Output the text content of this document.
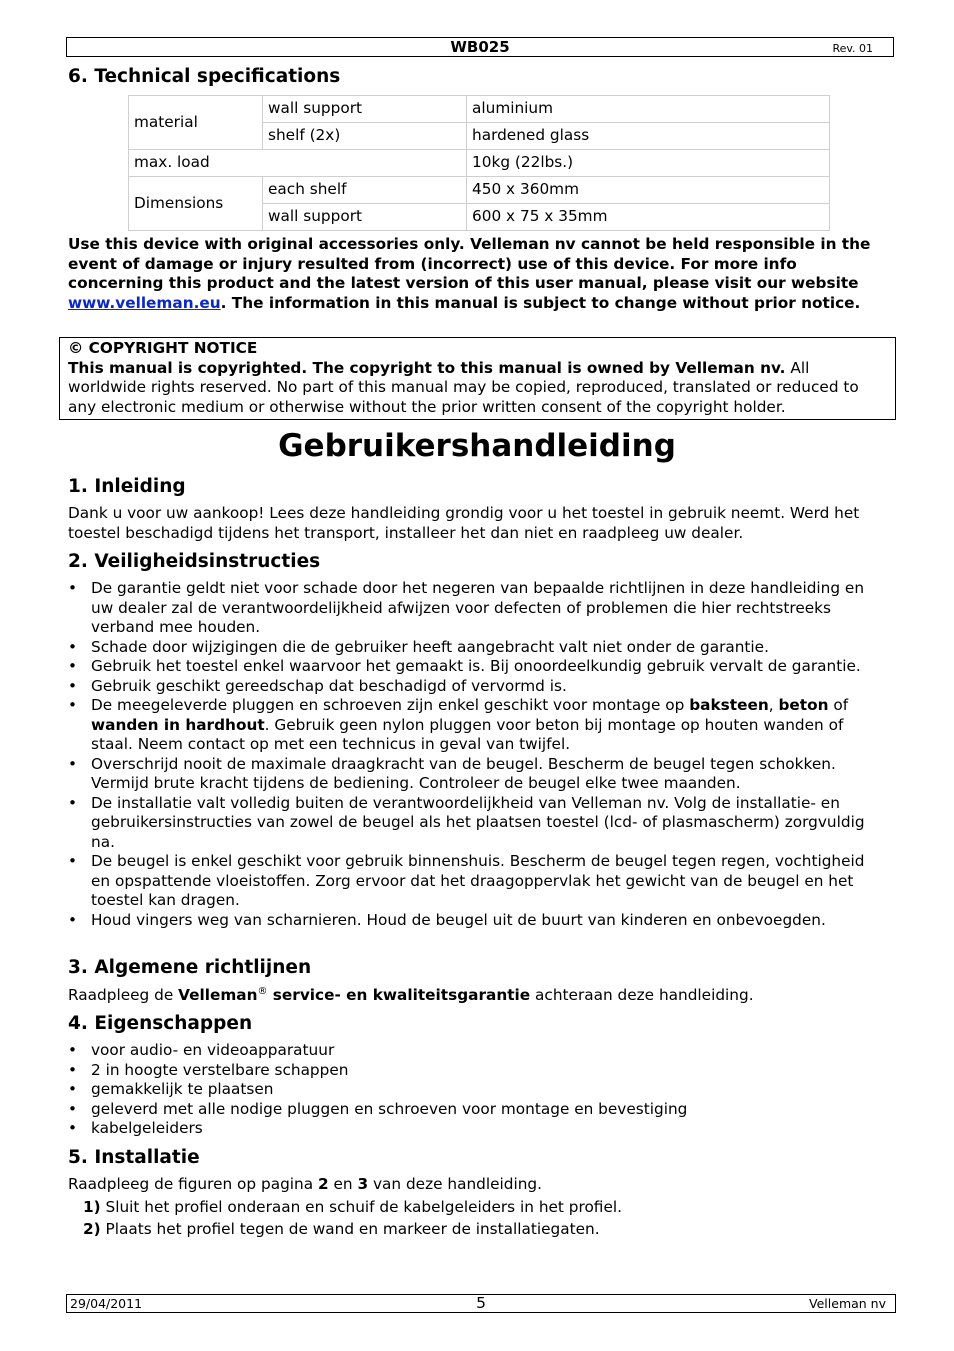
WB025	Rev. 01
6. Technical specifications
material	wall support	aluminium
	shelf (2x)	hardened glass
max. load		10kg (22lbs.)
Dimensions	each shelf	450 x 360mm
	wall support	600 x 75 x 35mm
Use this device with original accessories only. Velleman nv cannot be held responsible in the event of damage or injury resulted from (incorrect) use of this device. For more info concerning this product and the latest version of this user manual, please visit our website www.velleman.eu. The information in this manual is subject to change without prior notice.
© COPYRIGHT NOTICE
This manual is copyrighted. The copyright to this manual is owned by Velleman nv. All worldwide rights reserved. No part of this manual may be copied, reproduced, translated or reduced to any electronic medium or otherwise without the prior written consent of the copyright holder.
Gebruikershandleiding
1. Inleiding

Dank u voor uw aankoop! Lees deze handleiding grondig voor u het toestel in gebruik neemt. Werd het toestel beschadigd tijdens het transport, installeer het dan niet en raadpleeg uw dealer.

2. Veiligheidsinstructies
• De garantie geldt niet voor schade door het negeren van bepaalde richtlijnen in deze handleiding en uw dealer zal de verantwoordelijkheid afwijzen voor defecten of problemen die hier rechtstreeks verband mee houden.
• Schade door wijzigingen die de gebruiker heeft aangebracht valt niet onder de garantie.
• Gebruik het toestel enkel waarvoor het gemaakt is. Bij onoordeelkundig gebruik vervalt de garantie.
• Gebruik geschikt gereedschap dat beschadigd of vervormd is.
• De meegeleverde pluggen en schroeven zijn enkel geschikt voor montage op baksteen, beton of wanden in hardhout. Gebruik geen nylon pluggen voor beton bij montage op houten wanden of staal. Neem contact op met een technicus in geval van twijfel.
• Overschrijd nooit de maximale draagkracht van de beugel. Bescherm de beugel tegen schokken. Vermijd brute kracht tijdens de bediening. Controleer de beugel elke twee maanden.
• De installatie valt volledig buiten de verantwoordelijkheid van Velleman nv. Volg de installatie- en gebruikersinstructies van zowel de beugel als het plaatsen toestel (lcd- of plasmascherm) zorgvuldig na.
• De beugel is enkel geschikt voor gebruik binnenshuis. Bescherm de beugel tegen regen, vochtigheid en opspattende vloeistoffen. Zorg ervoor dat het draagoppervlak het gewicht van de beugel en het toestel kan dragen.
• Houd vingers weg van scharnieren. Houd de beugel uit de buurt van kinderen en onbevoegden.
3. Algemene richtlijnen

Raadpleeg de Velleman® service- en kwaliteitsgarantie achteraan deze handleiding.

4. Eigenschappen
• voor audio- en videoapparatuur
• 2 in hoogte verstelbare schappen
• gemakkelijk te plaatsen
• geleverd met alle nodige pluggen en schroeven voor montage en bevestiging
• kabelgeleiders
5. Installatie

Raadpleeg de figuren op pagina 2 en 3 van deze handleiding.

1) Sluit het profiel onderaan en schuif de kabelgeleiders in het profiel.

2) Plaats het profiel tegen de wand en markeer de installatiegaten.

29/04/2011	5	Velleman nv
